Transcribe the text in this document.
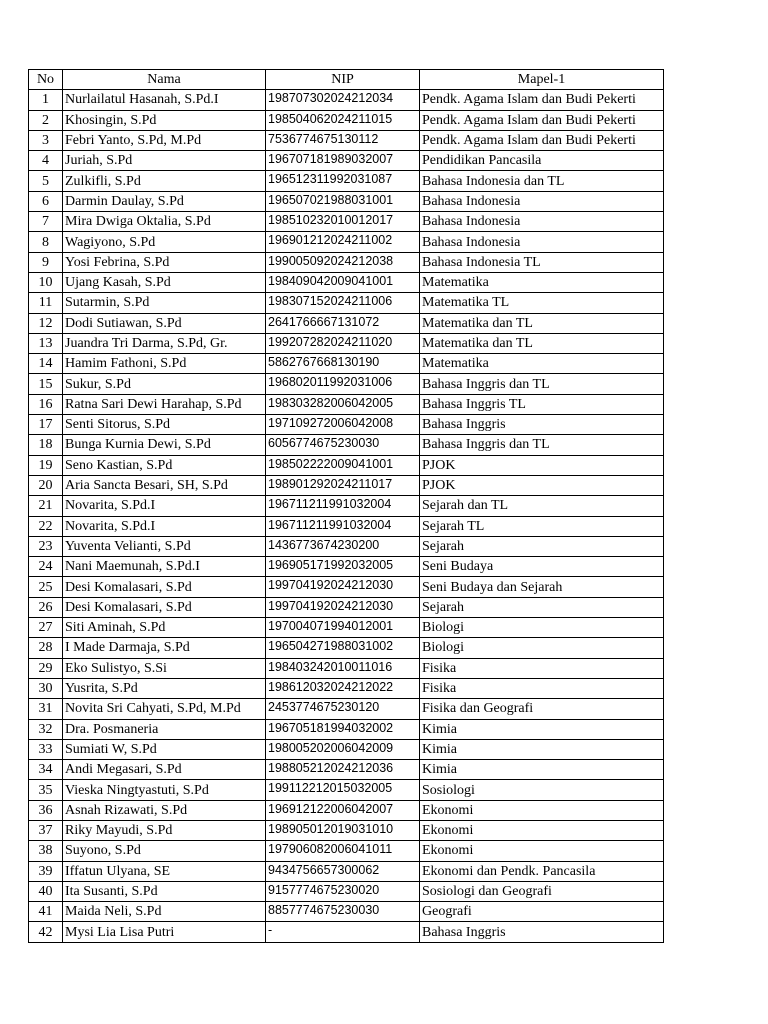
No	Nama	NIP	Mapel-1
1	Nurlailatul Hasanah, S.Pd.I	198707302024212034	Pendk. Agama Islam dan Budi Pekerti
2	Khosingin, S.Pd	198504062024211015	Pendk. Agama Islam dan Budi Pekerti
3	Febri Yanto, S.Pd, M.Pd	7536774675130112	Pendk. Agama Islam dan Budi Pekerti
4	Juriah, S.Pd	196707181989032007	Pendidikan Pancasila
5	Zulkifli, S.Pd	196512311992031087	Bahasa Indonesia dan TL
6	Darmin Daulay, S.Pd	196507021988031001	Bahasa Indonesia
7	Mira Dwiga Oktalia, S.Pd	198510232010012017	Bahasa Indonesia
8	Wagiyono, S.Pd	196901212024211002	Bahasa Indonesia
9	Yosi Febrina, S.Pd	199005092024212038	Bahasa Indonesia TL
10	Ujang Kasah, S.Pd	198409042009041001	Matematika
11	Sutarmin, S.Pd	198307152024211006	Matematika TL
12	Dodi Sutiawan, S.Pd	2641766667131072	Matematika dan TL
13	Juandra Tri Darma, S.Pd, Gr.	199207282024211020	Matematika dan TL
14	Hamim Fathoni, S.Pd	5862767668130190	Matematika
15	Sukur, S.Pd	196802011992031006	Bahasa Inggris dan TL
16	Ratna Sari Dewi Harahap, S.Pd	198303282006042005	Bahasa Inggris TL
17	Senti Sitorus, S.Pd	197109272006042008	Bahasa Inggris
18	Bunga Kurnia Dewi, S.Pd	6056774675230030	Bahasa Inggris dan TL
19	Seno Kastian, S.Pd	198502222009041001	PJOK
20	Aria Sancta Besari, SH, S.Pd	198901292024211017	PJOK
21	Novarita, S.Pd.I	196711211991032004	Sejarah dan TL
22	Novarita, S.Pd.I	196711211991032004	Sejarah TL
23	Yuventa Velianti, S.Pd	1436773674230200	Sejarah
24	Nani Maemunah, S.Pd.I	196905171992032005	Seni Budaya
25	Desi Komalasari, S.Pd	199704192024212030	Seni Budaya dan Sejarah
26	Desi Komalasari, S.Pd	199704192024212030	Sejarah
27	Siti Aminah, S.Pd	197004071994012001	Biologi
28	I Made Darmaja, S.Pd	196504271988031002	Biologi
29	Eko Sulistyo, S.Si	198403242010011016	Fisika
30	Yusrita, S.Pd	198612032024212022	Fisika
31	Novita Sri Cahyati, S.Pd, M.Pd	2453774675230120	Fisika dan Geografi
32	Dra. Posmaneria	196705181994032002	Kimia
33	Sumiati W, S.Pd	198005202006042009	Kimia
34	Andi Megasari, S.Pd	198805212024212036	Kimia
35	Vieska Ningtyastuti, S.Pd	199112212015032005	Sosiologi
36	Asnah Rizawati, S.Pd	196912122006042007	Ekonomi
37	Riky Mayudi, S.Pd	198905012019031010	Ekonomi
38	Suyono, S.Pd	197906082006041011	Ekonomi
39	Iffatun Ulyana, SE	9434756657300062	Ekonomi dan Pendk. Pancasila
40	Ita Susanti, S.Pd	9157774675230020	Sosiologi dan Geografi
41	Maida Neli, S.Pd	8857774675230030	Geografi
42	Mysi Lia Lisa Putri	-	Bahasa Inggris
